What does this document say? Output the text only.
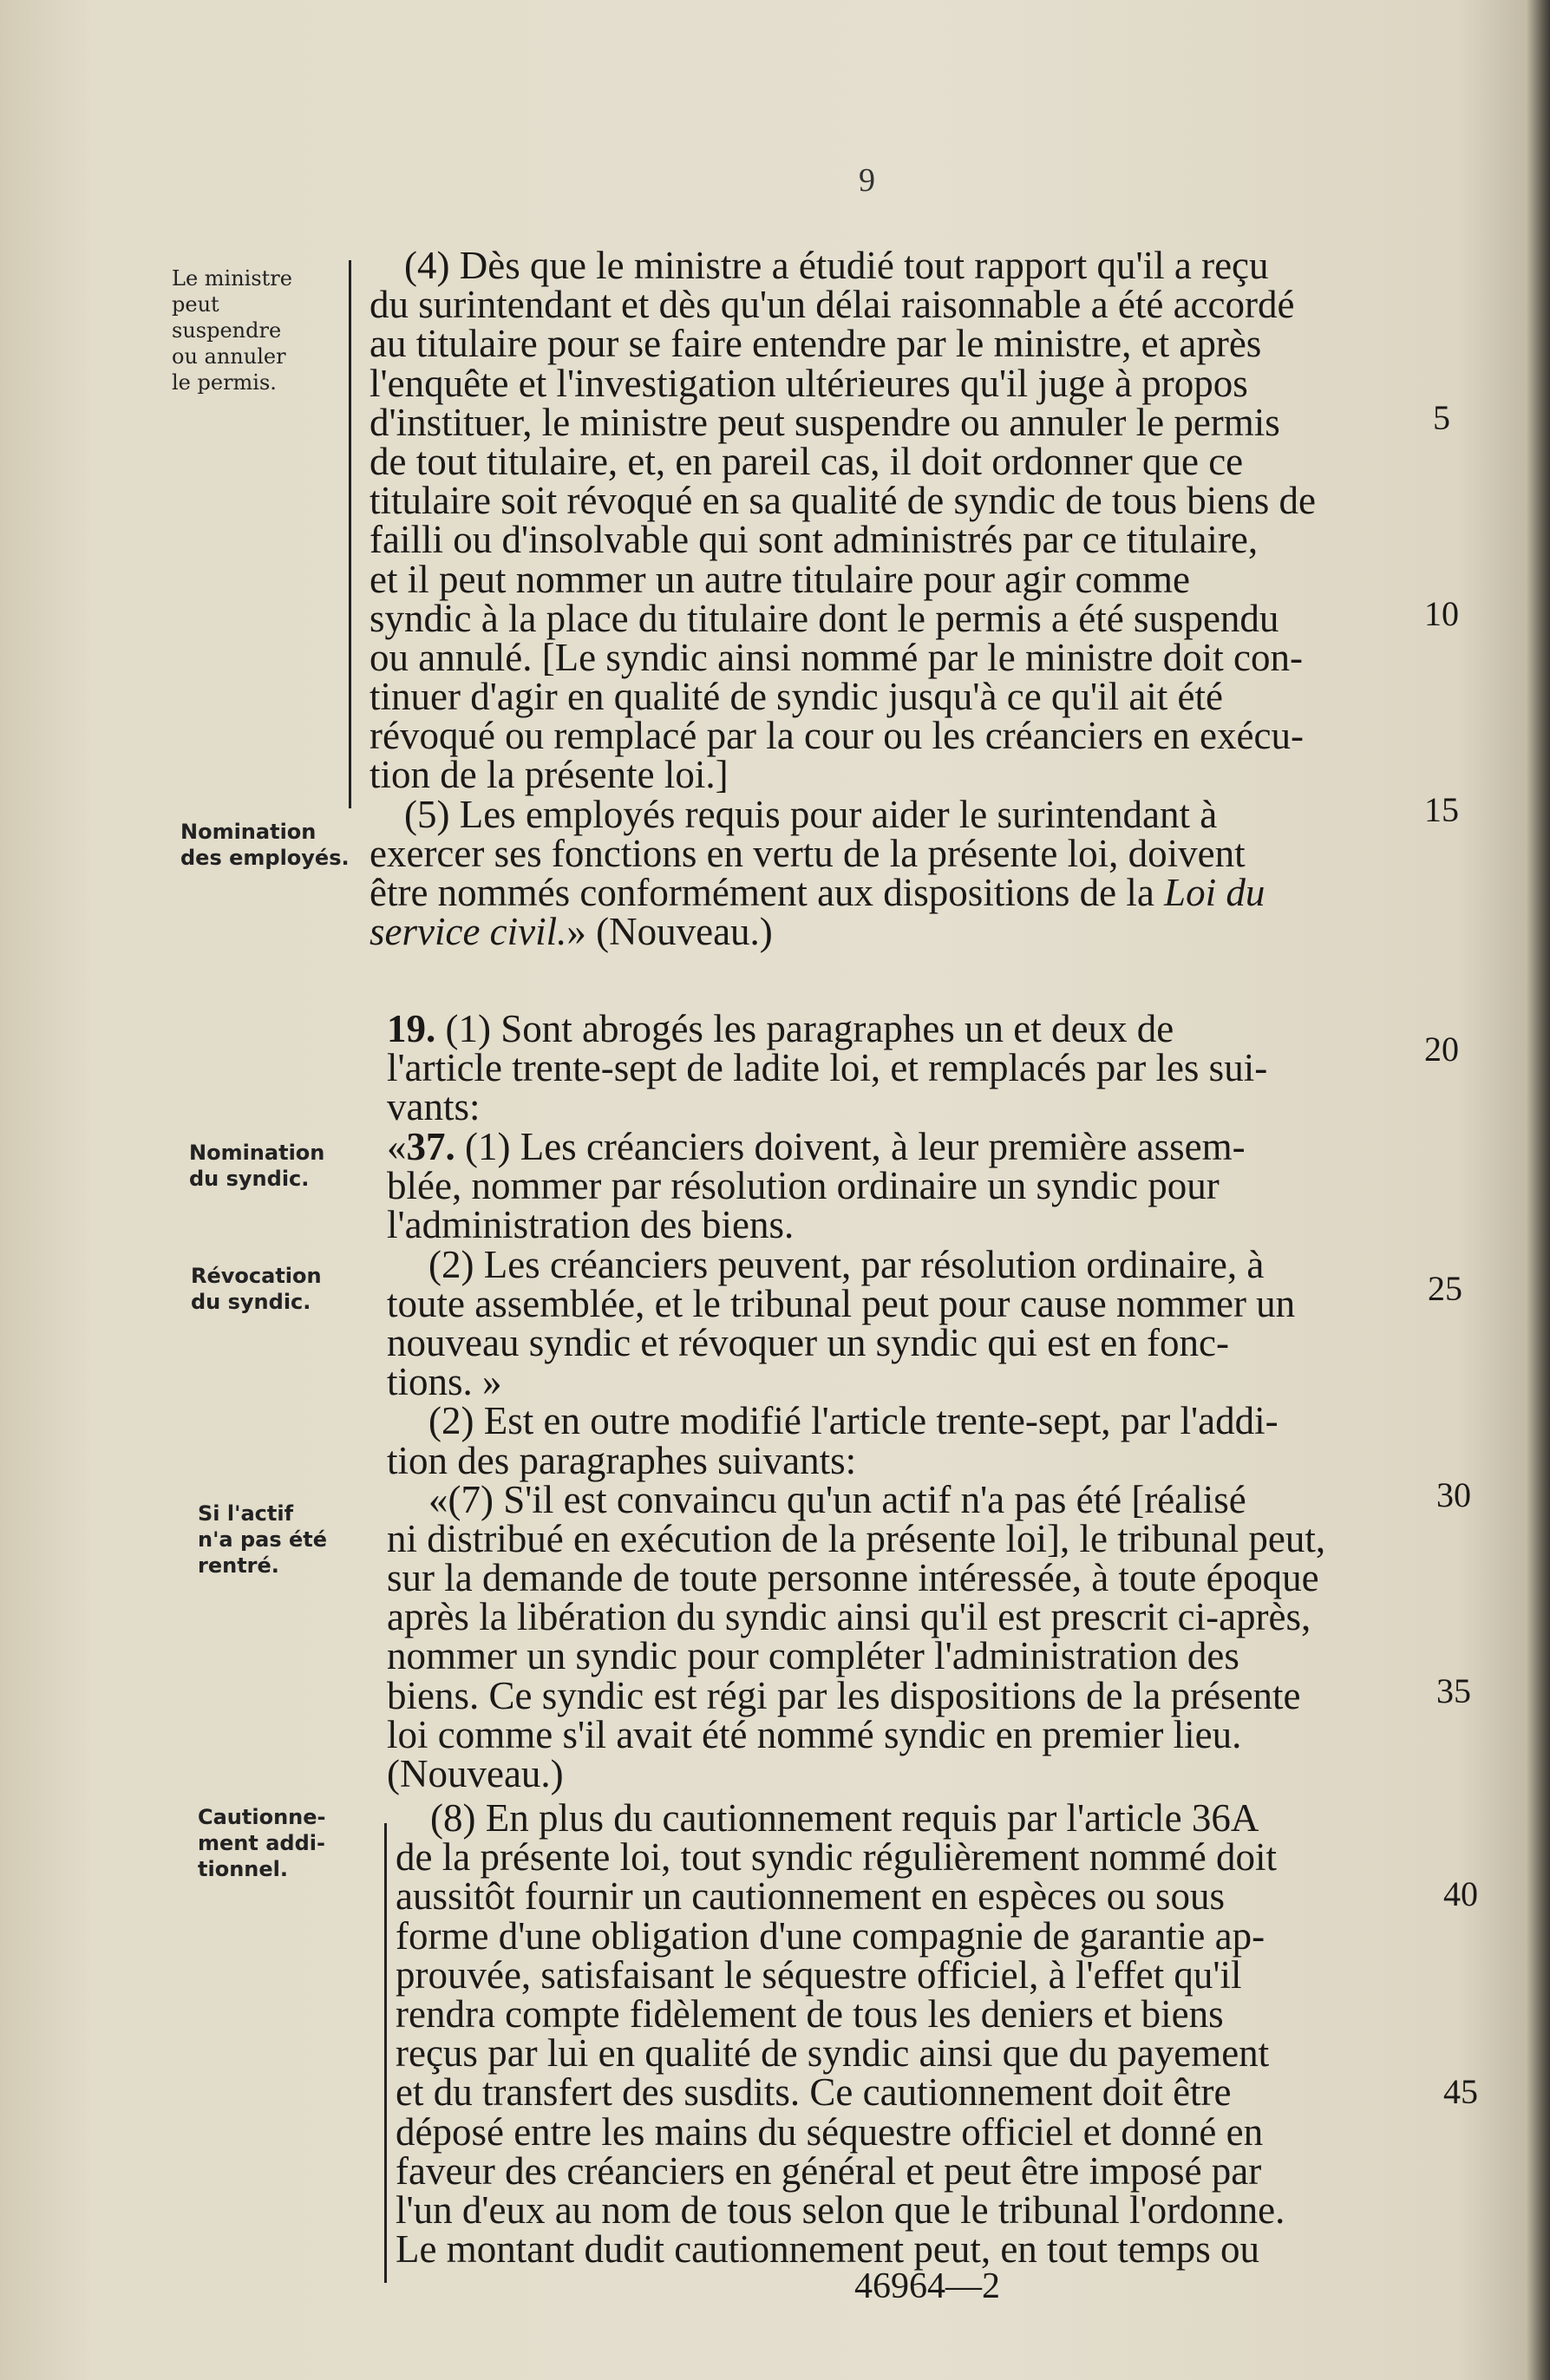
9
Le ministre
peut
suspendre
ou annuler
le permis.
Nomination
des employés.
Nomination
du syndic.
Révocation
du syndic.
Si l'actif
n'a pas été
rentré.
Cautionne-
ment addi-
tionnel.
(4) Dès que le ministre a étudié tout rapport qu'il a reçu
du surintendant et dès qu'un délai raisonnable a été accordé
au titulaire pour se faire entendre par le ministre, et après
l'enquête et l'investigation ultérieures qu'il juge à propos
d'instituer, le ministre peut suspendre ou annuler le permis
de tout titulaire, et, en pareil cas, il doit ordonner que ce
titulaire soit révoqué en sa qualité de syndic de tous biens de
failli ou d'insolvable qui sont administrés par ce titulaire,
et il peut nommer un autre titulaire pour agir comme
syndic à la place du titulaire dont le permis a été suspendu
ou annulé. [Le syndic ainsi nommé par le ministre doit con-
tinuer d'agir en qualité de syndic jusqu'à ce qu'il ait été
révoqué ou remplacé par la cour ou les créanciers en exécu-
tion de la présente loi.]
(5) Les employés requis pour aider le surintendant à
exercer ses fonctions en vertu de la présente loi, doivent
être nommés conformément aux dispositions de la Loi du
service civil.» (Nouveau.)
19. (1) Sont abrogés les paragraphes un et deux de
l'article trente-sept de ladite loi, et remplacés par les sui-
vants:
«37. (1) Les créanciers doivent, à leur première assem-
blée, nommer par résolution ordinaire un syndic pour
l'administration des biens.
(2) Les créanciers peuvent, par résolution ordinaire, à
toute assemblée, et le tribunal peut pour cause nommer un
nouveau syndic et révoquer un syndic qui est en fonc-
tions. »
(2) Est en outre modifié l'article trente-sept, par l'addi-
tion des paragraphes suivants:
«(7) S'il est convaincu qu'un actif n'a pas été [réalisé
ni distribué en exécution de la présente loi], le tribunal peut,
sur la demande de toute personne intéressée, à toute époque
après la libération du syndic ainsi qu'il est prescrit ci-après,
nommer un syndic pour compléter l'administration des
biens. Ce syndic est régi par les dispositions de la présente
loi comme s'il avait été nommé syndic en premier lieu.
(Nouveau.)
(8) En plus du cautionnement requis par l'article 36A
de la présente loi, tout syndic régulièrement nommé doit
aussitôt fournir un cautionnement en espèces ou sous
forme d'une obligation d'une compagnie de garantie ap-
prouvée, satisfaisant le séquestre officiel, à l'effet qu'il
rendra compte fidèlement de tous les deniers et biens
reçus par lui en qualité de syndic ainsi que du payement
et du transfert des susdits. Ce cautionnement doit être
déposé entre les mains du séquestre officiel et donné en
faveur des créanciers en général et peut être imposé par
l'un d'eux au nom de tous selon que le tribunal l'ordonne.
Le montant dudit cautionnement peut, en tout temps ou
5
10
15
20
25
30
35
40
45
46964—2
